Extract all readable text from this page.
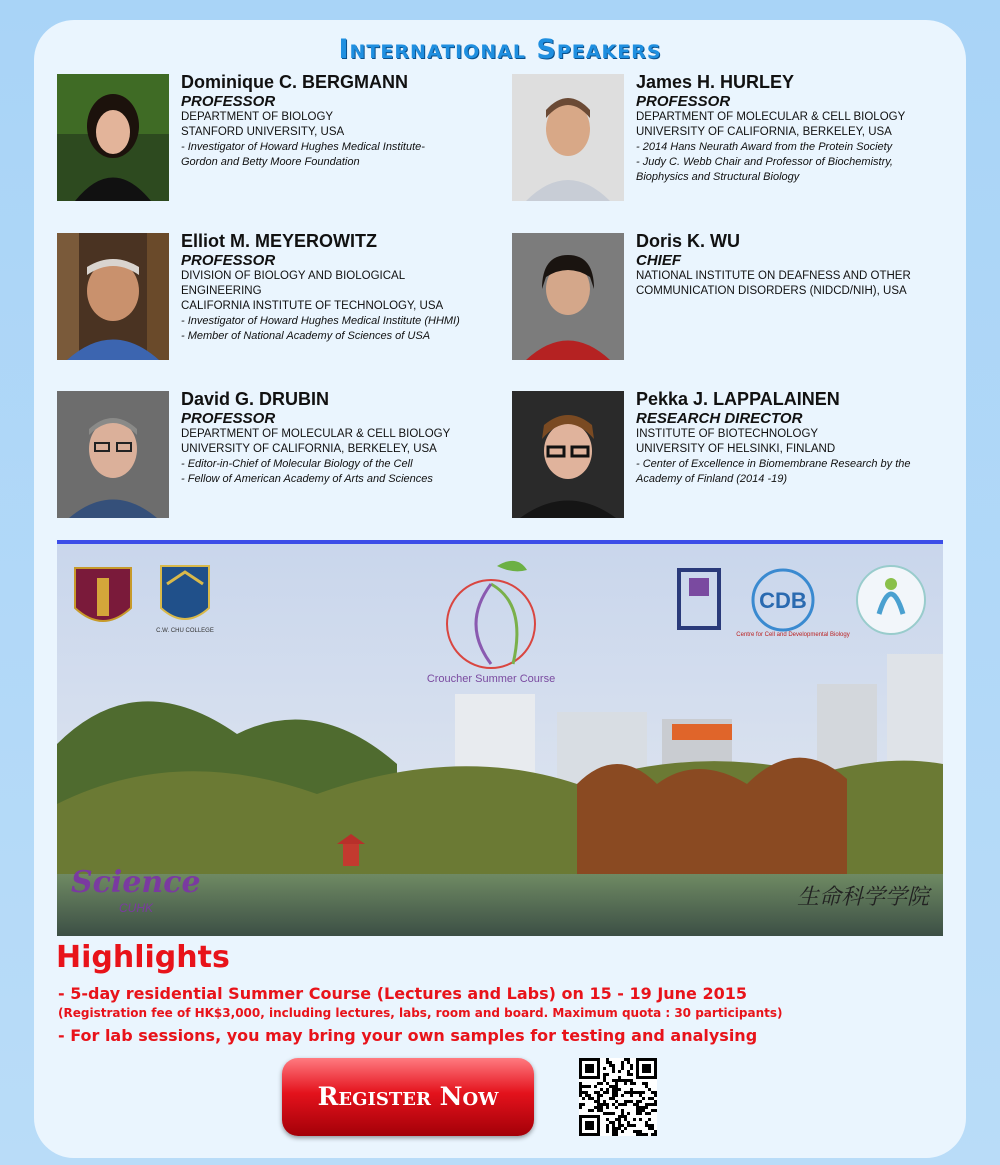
International Speakers
Dominique C. BERGMANN
PROFESSOR
DEPARTMENT OF BIOLOGY
STANFORD UNIVERSITY, USA
- Investigator of Howard Hughes Medical Institute-
Gordon and Betty Moore Foundation
James H. HURLEY
PROFESSOR
DEPARTMENT OF MOLECULAR & CELL BIOLOGY
UNIVERSITY OF CALIFORNIA, BERKELEY, USA
- 2014 Hans Neurath Award from the Protein Society
- Judy C. Webb Chair and Professor of Biochemistry,
Biophysics and Structural Biology
Elliot M. MEYEROWITZ
PROFESSOR
DIVISION OF BIOLOGY AND BIOLOGICAL
ENGINEERING
CALIFORNIA INSTITUTE OF TECHNOLOGY, USA
- Investigator of Howard Hughes Medical Institute (HHMI)
- Member of National Academy of Sciences of USA
Doris K. WU
CHIEF
NATIONAL INSTITUTE ON DEAFNESS AND OTHER
COMMUNICATION DISORDERS (NIDCD/NIH), USA
David G. DRUBIN
PROFESSOR
DEPARTMENT OF MOLECULAR & CELL BIOLOGY
UNIVERSITY OF CALIFORNIA, BERKELEY, USA
- Editor-in-Chief of Molecular Biology of the Cell
- Fellow of American Academy of Arts and Sciences
Pekka J. LAPPALAINEN
RESEARCH DIRECTOR
INSTITUTE OF BIOTECHNOLOGY
UNIVERSITY OF HELSINKI, FINLAND
- Center of Excellence in Biomembrane Research by the
Academy of Finland (2014 -19)
C.W. CHU COLLEGE
Croucher Summer Course
CDB
Centre for Cell and Developmental Biology
Science
CUHK	生命科学学院
Highlights
- 5-day residential Summer Course (Lectures and Labs) on 15 - 19 June 2015
(Registration fee of HK$3,000, including lectures, labs, room and board. Maximum quota : 30 participants)
- For lab sessions, you may bring your own samples for testing and analysing
Register Now
